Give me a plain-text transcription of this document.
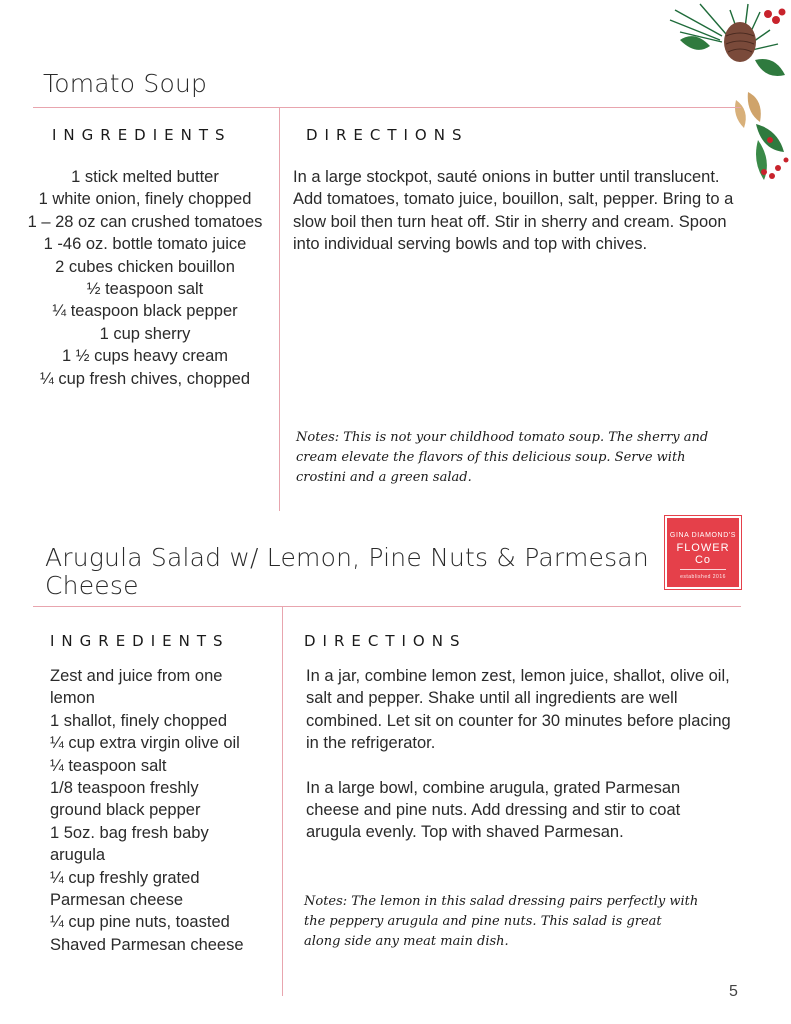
Tomato Soup
INGREDIENTS	DIRECTIONS
1 stick melted butter
1 white onion, finely chopped
1 – 28 oz can crushed tomatoes
1 -46 oz. bottle tomato juice
2 cubes chicken bouillon
½ teaspoon salt
¼ teaspoon black pepper
1 cup sherry
1 ½ cups heavy cream
¼ cup fresh chives, chopped

In a large stockpot, sauté onions in butter until translucent. Add tomatoes, tomato juice, bouillon, salt, pepper. Bring to a slow boil then turn heat off. Stir in sherry and cream. Spoon into individual serving bowls and top with chives.

Notes: This is not your childhood tomato soup. The sherry and
cream elevate the flavors of this delicious soup. Serve with
crostini and a green salad.
GINA DIAMOND'S
FLOWER Co
established 2016
Arugula Salad w/ Lemon, Pine Nuts & Parmesan
Cheese
INGREDIENTS	DIRECTIONS
Zest and juice from one
lemon
1 shallot, finely chopped
¼ cup extra virgin olive oil
¼ teaspoon salt
1/8 teaspoon freshly
ground black pepper
1 5oz. bag fresh baby
arugula
¼ cup freshly grated
Parmesan cheese
¼ cup pine nuts, toasted
Shaved Parmesan cheese

In a jar, combine lemon zest, lemon juice, shallot, olive oil, salt and pepper. Shake until all ingredients are well combined. Let sit on counter for 30 minutes before placing in the refrigerator.

In a large bowl, combine arugula, grated Parmesan cheese and pine nuts. Add dressing and stir to coat arugula evenly. Top with shaved Parmesan.

Notes: The lemon in this salad dressing pairs perfectly with
the peppery arugula and pine nuts. This salad is great
along side any meat main dish.
5
